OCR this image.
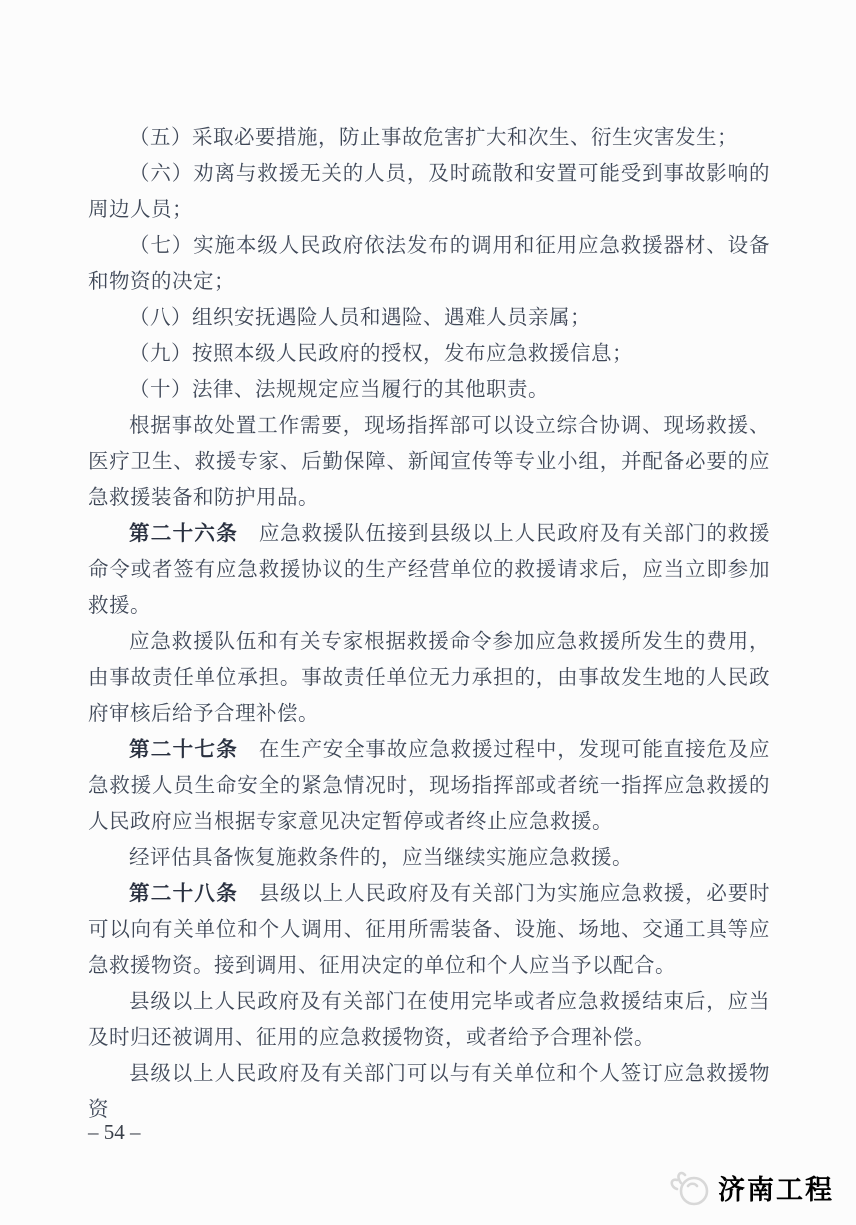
（五）采取必要措施，防止事故危害扩大和次生、衍生灾害发生；

（六）劝离与救援无关的人员，及时疏散和安置可能受到事故影响的周边人员；

（七）实施本级人民政府依法发布的调用和征用应急救援器材、设备和物资的决定；

（八）组织安抚遇险人员和遇险、遇难人员亲属；

（九）按照本级人民政府的授权，发布应急救援信息；

（十）法律、法规规定应当履行的其他职责。

根据事故处置工作需要，现场指挥部可以设立综合协调、现场救援、医疗卫生、救援专家、后勤保障、新闻宣传等专业小组，并配备必要的应急救援装备和防护用品。

第二十六条 应急救援队伍接到县级以上人民政府及有关部门的救援命令或者签有应急救援协议的生产经营单位的救援请求后，应当立即参加救援。

应急救援队伍和有关专家根据救援命令参加应急救援所发生的费用，由事故责任单位承担。事故责任单位无力承担的，由事故发生地的人民政府审核后给予合理补偿。

第二十七条 在生产安全事故应急救援过程中，发现可能直接危及应急救援人员生命安全的紧急情况时，现场指挥部或者统一指挥应急救援的人民政府应当根据专家意见决定暂停或者终止应急救援。

经评估具备恢复施救条件的，应当继续实施应急救援。

第二十八条 县级以上人民政府及有关部门为实施应急救援，必要时可以向有关单位和个人调用、征用所需装备、设施、场地、交通工具等应急救援物资。接到调用、征用决定的单位和个人应当予以配合。

县级以上人民政府及有关部门在使用完毕或者应急救援结束后，应当及时归还被调用、征用的应急救援物资，或者给予合理补偿。

县级以上人民政府及有关部门可以与有关单位和个人签订应急救援物资

– 54 –
济南工程
